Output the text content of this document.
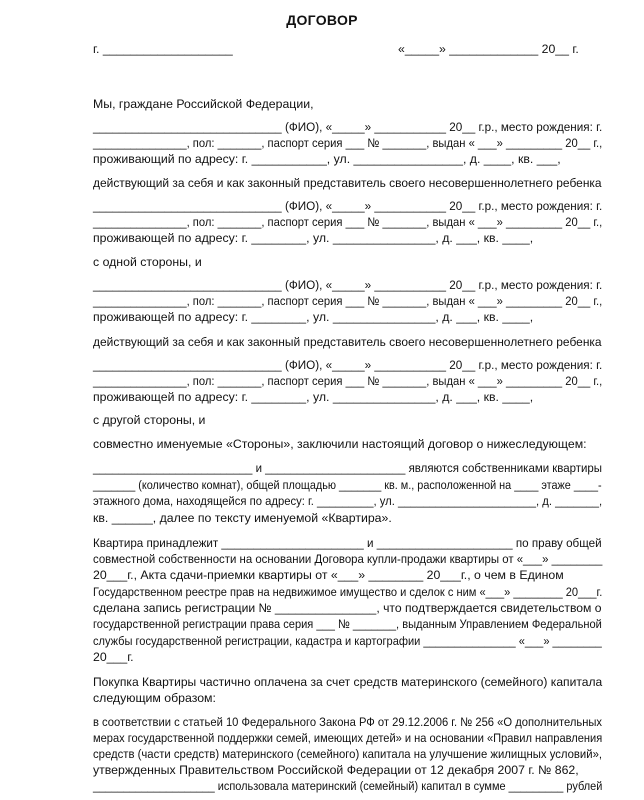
ДОГОВОР
г. ___________________	«_____» _____________ 20__ г.
Мы, граждане Российской Федерации,
_____________________________ (ФИО), «_____» ___________ 20__ г.р., место рождения: г.
_______________, пол: _______, паспорт серия ___ № _______, выдан « ___» _________ 20__ г.,
проживающий по адресу: г. ___________, ул. ________________, д. ____, кв. ___,
действующий за себя и как законный представитель своего несовершеннолетнего ребенка
_____________________________ (ФИО), «_____» ___________ 20__ г.р., место рождения: г.
_______________, пол: _______, паспорт серия ___ № _______, выдан « ___» _________ 20__ г.,
проживающей по адресу: г. ________, ул. _______________, д. ___, кв. ____,
с одной стороны, и
_____________________________ (ФИО), «_____» ___________ 20__ г.р., место рождения: г.
_______________, пол: _______, паспорт серия ___ № _______, выдан « ___» _________ 20__ г.,
проживающей по адресу: г. ________, ул. _______________, д. ___, кв. ____,
действующий за себя и как законный представитель своего несовершеннолетнего ребенка
_____________________________ (ФИО), «_____» ___________ 20__ г.р., место рождения: г.
_______________, пол: _______, паспорт серия ___ № _______, выдан « ___» _________ 20__ г.,
проживающей по адресу: г. ________, ул. _______________, д. ___, кв. ____,
с другой стороны, и
совместно именуемые «Стороны», заключили настоящий договор о нижеследующем:
_________________________ и ______________________ являются собственниками квартиры
_______ (количество комнат), общей площадью _______ кв. м., расположенной на ____ этаже ____-
этажного дома, находящейся по адресу: г. _________, ул. ______________________, д. _______,
кв. ______, далее по тексту именуемой «Квартира».
Квартира принадлежит ______________________ и _____________________ по праву общей
совместной собственности на основании Договора купли-продажи квартиры от «___» ________
20___г., Акта сдачи-приемки квартиры от «___» ________ 20___г., о чем в Едином
Государственном реестре прав на недвижимое имущество и сделок с ним «___» ________ 20___г.
сделана запись регистрации № _______________, что подтверждается свидетельством о
государственной регистрации права серия ___ № _______, выданным Управлением Федеральной
службы государственной регистрации, кадастра и картографии _______________ «___» ________
20___г.
Покупка Квартиры частично оплачена за счет средств материнского (семейного) капитала
следующим образом:
в соответствии с статьей 10 Федерального Закона РФ от 29.12.2006 г. № 256 «О дополнительных
мерах государственной поддержки семей, имеющих детей» и на основании «Правил направления
средств (части средств) материнского (семейного) капитала на улучшение жилищных условий»,
утвержденных Правительством Российской Федерации от 12 декабря 2007 г. № 862,
____________________ использовала материнский (семейный) капитал в сумме _________ рублей
